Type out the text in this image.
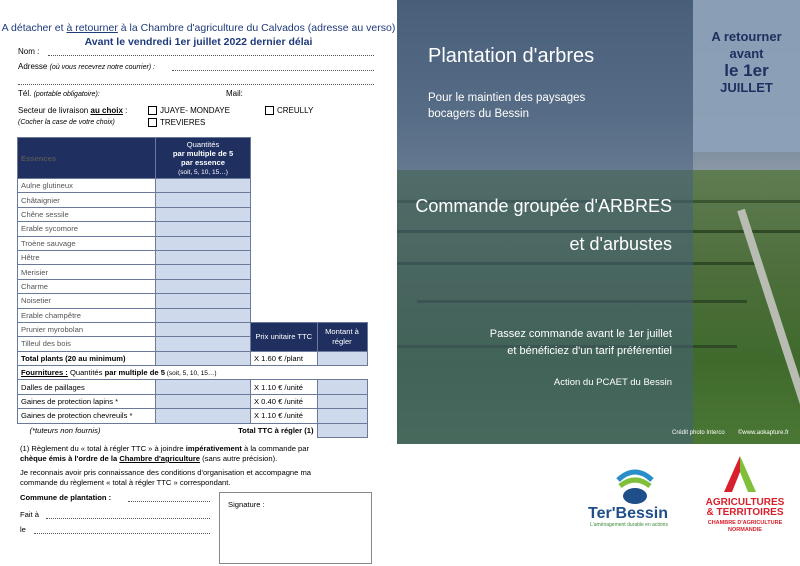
A détacher et à retourner à la Chambre d'agriculture du Calvados (adresse au verso)
Avant le vendredi 1er juillet 2022 dernier délai
Nom :
Adresse (où vous recevrez notre courrier) :
Tél. (portable obligatoire):	Mail:
Secteur de livraison au choix :
(Cocher la case de votre choix)
JUAYE- MONDAYE	CREULLY
TREVIERES
Essences	Quantités
par multiple de 5
par essence
(soit, 5, 10, 15…)		
Aulne glutineux			
Châtaignier			
Chêne sessile			
Erable sycomore			
Troène sauvage			
Hêtre			
Merisier			
Charme			
Noisetier			
Erable champêtre			
Prunier myrobolan		Prix unitaire TTC	Montant à régler
Tilleul des bois			
Total plants (20 au minimum)		X 1.60 € /plant	
Fournitures : Quantités par multiple de 5 (soit, 5, 10, 15…)			
Dalles de paillages		X 1.10 € /unité	
Gaines de protection lapins *		X 0.40 € /unité	
Gaines de protection chevreuils *		X 1.10 € /unité	
(*tuteurs non fournis)	Total TTC à régler (1)		
(1) Règlement du « total à régler TTC » à joindre impérativement à la commande par
chèque émis à l'ordre de la Chambre d'agriculture (sans autre précision).
Je reconnais avoir pris connaissance des conditions d'organisation et accompagne ma
commande du règlement « total à régler TTC » correspondant.
Commune de plantation :
Fait à
le
Signature :
Plantation d'arbres
Pour le maintien des paysages
bocagers du Bessin
A retourner
avant
le 1er
JUILLET
Commande groupée d'ARBRES
et d'arbustes
Passez commande avant le 1er juillet
et bénéficiez d'un tarif préférentiel
Action du PCAET du Bessin
Crédit photo Interco ©www.aokapture.fr
Ter'Bessin
L'aménagement durable en actions
AGRICULTURES
& TERRITOIRES
CHAMBRE D'AGRICULTURE
NORMANDIE
